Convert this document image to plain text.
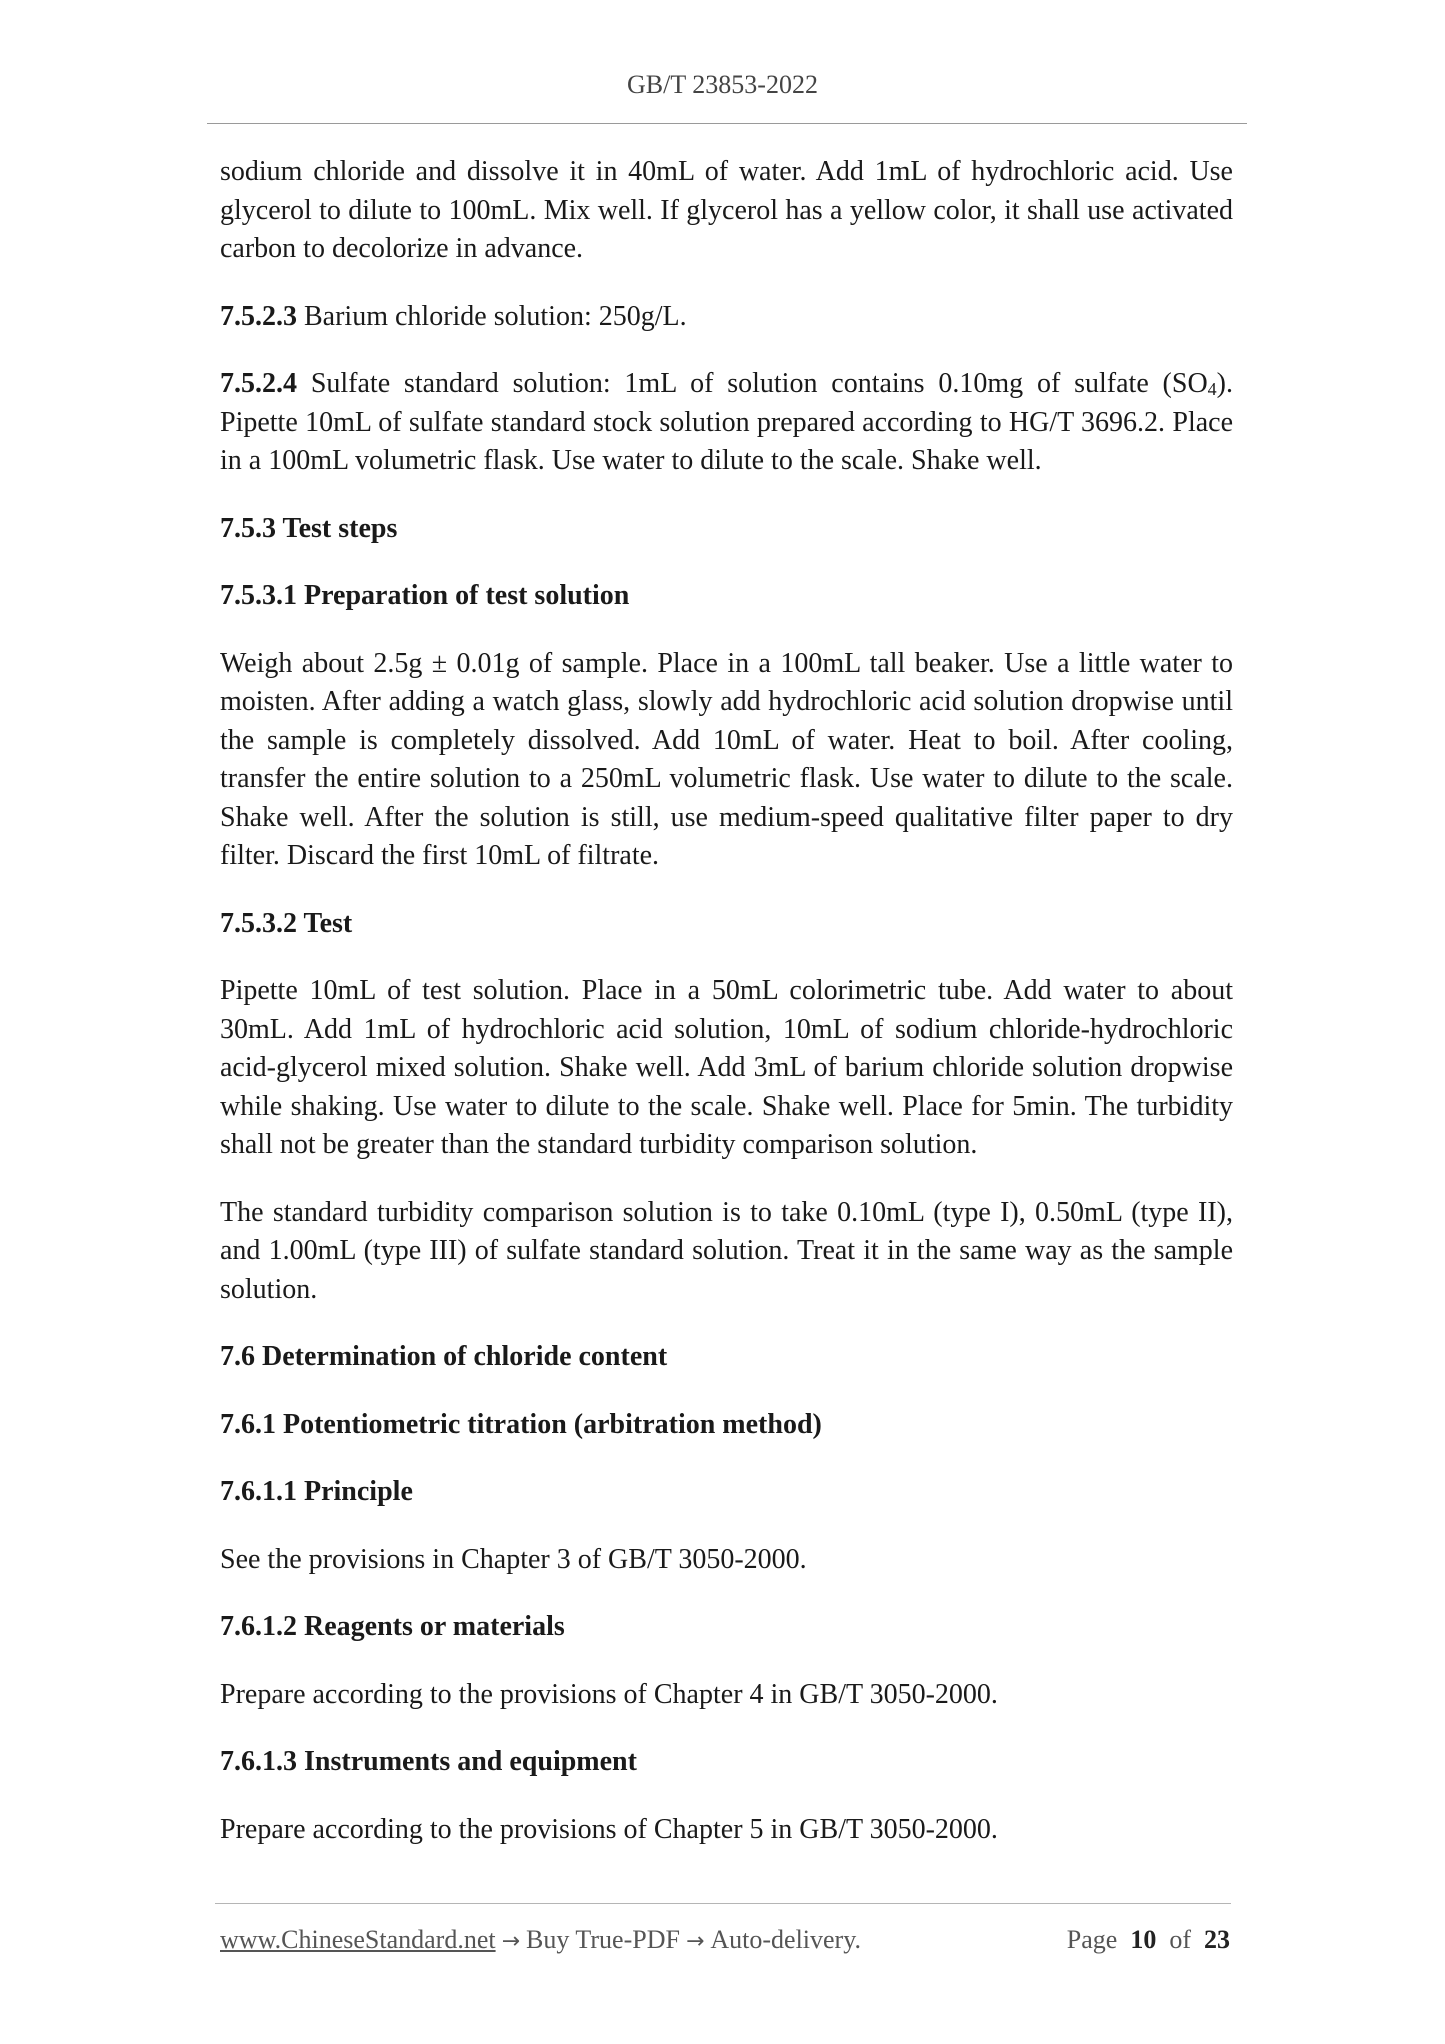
GB/T 23853-2022

sodium chloride and dissolve it in 40mL of water. Add 1mL of hydrochloric acid. Use glycerol to dilute to 100mL. Mix well. If glycerol has a yellow color, it shall use activated carbon to decolorize in advance.

7.5.2.3 Barium chloride solution: 250g/L.

7.5.2.4 Sulfate standard solution: 1mL of solution contains 0.10mg of sulfate $(SO_4)$. Pipette 10mL of sulfate standard stock solution prepared according to HG/T 3696.2. Place in a 100mL volumetric flask. Use water to dilute to the scale. Shake well.

7.5.3 Test steps

7.5.3.1 Preparation of test solution

Weigh about 2.5g ± 0.01g of sample. Place in a 100mL tall beaker. Use a little water to moisten. After adding a watch glass, slowly add hydrochloric acid solution dropwise until the sample is completely dissolved. Add 10mL of water. Heat to boil. After cooling, transfer the entire solution to a 250mL volumetric flask. Use water to dilute to the scale. Shake well. After the solution is still, use medium-speed qualitative filter paper to dry filter. Discard the first 10mL of filtrate.

7.5.3.2 Test

Pipette 10mL of test solution. Place in a 50mL colorimetric tube. Add water to about 30mL. Add 1mL of hydrochloric acid solution, 10mL of sodium chloride-hydrochloric acid-glycerol mixed solution. Shake well. Add 3mL of barium chloride solution dropwise while shaking. Use water to dilute to the scale. Shake well. Place for 5min. The turbidity shall not be greater than the standard turbidity comparison solution.

The standard turbidity comparison solution is to take 0.10mL (type I), 0.50mL (type II), and 1.00mL (type III) of sulfate standard solution. Treat it in the same way as the sample solution.

7.6 Determination of chloride content

7.6.1 Potentiometric titration (arbitration method)

7.6.1.1 Principle

See the provisions in Chapter 3 of GB/T 3050-2000.

7.6.1.2 Reagents or materials

Prepare according to the provisions of Chapter 4 in GB/T 3050-2000.

7.6.1.3 Instruments and equipment

Prepare according to the provisions of Chapter 5 in GB/T 3050-2000.

www.ChineseStandard.net → Buy True-PDF → Auto-delivery.	Page 10 of 23
